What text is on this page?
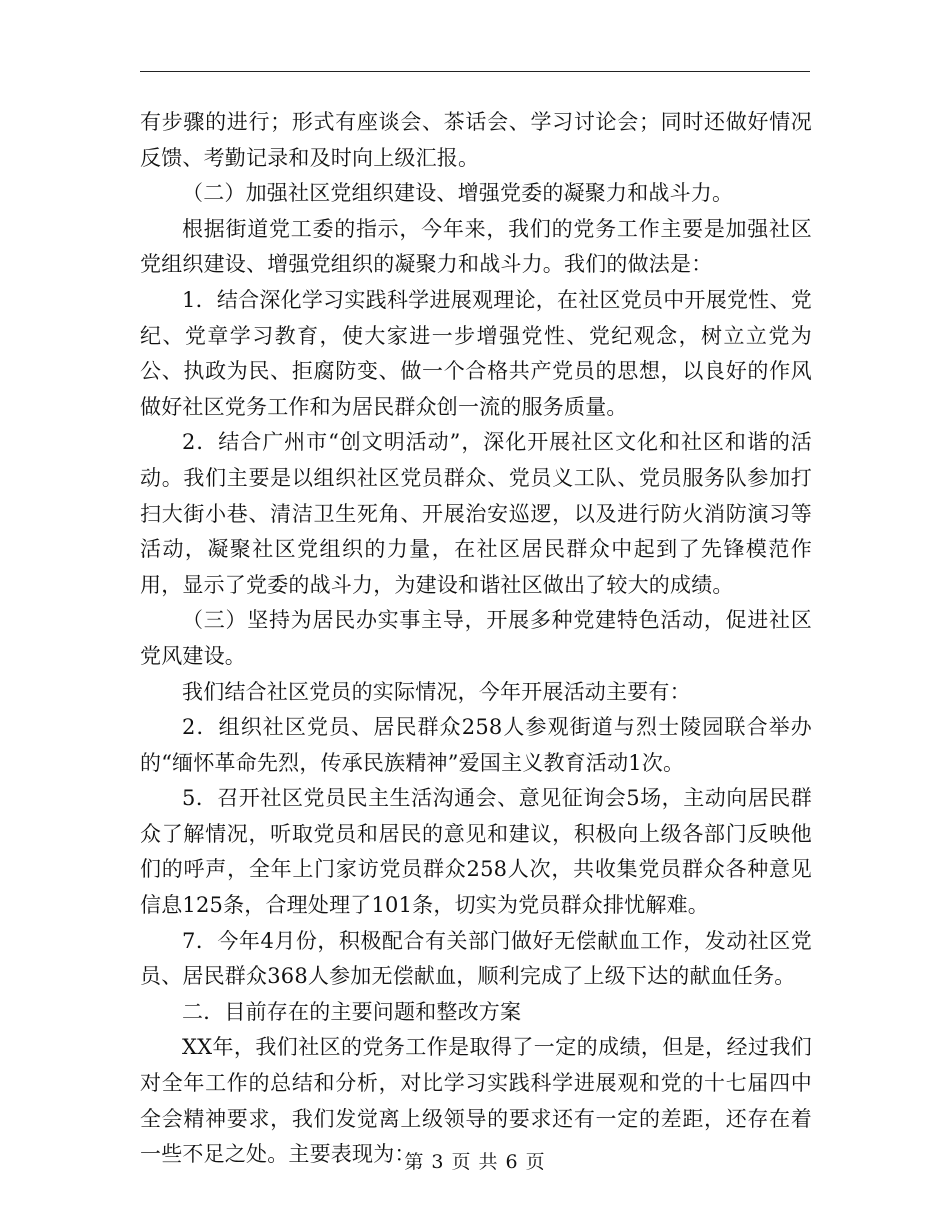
有步骤的进行；形式有座谈会、茶话会、学习讨论会；同时还做好情况反馈、考勤记录和及时向上级汇报。

（二）加强社区党组织建设、增强党委的凝聚力和战斗力。

根据街道党工委的指示，今年来，我们的党务工作主要是加强社区党组织建设、增强党组织的凝聚力和战斗力。我们的做法是：

1．结合深化学习实践科学进展观理论，在社区党员中开展党性、党纪、党章学习教育，使大家进一步增强党性、党纪观念，树立立党为公、执政为民、拒腐防变、做一个合格共产党员的思想，以良好的作风做好社区党务工作和为居民群众创一流的服务质量。

2．结合广州市“创文明活动”，深化开展社区文化和社区和谐的活动。我们主要是以组织社区党员群众、党员义工队、党员服务队参加打扫大街小巷、清洁卫生死角、开展治安巡逻，以及进行防火消防演习等活动，凝聚社区党组织的力量，在社区居民群众中起到了先锋模范作用，显示了党委的战斗力，为建设和谐社区做出了较大的成绩。

（三）坚持为居民办实事主导，开展多种党建特色活动，促进社区党风建设。

我们结合社区党员的实际情况，今年开展活动主要有：

2．组织社区党员、居民群众258人参观街道与烈士陵园联合举办的“缅怀革命先烈，传承民族精神”爱国主义教育活动1次。

5．召开社区党员民主生活沟通会、意见征询会5场，主动向居民群众了解情况，听取党员和居民的意见和建议，积极向上级各部门反映他们的呼声，全年上门家访党员群众258人次，共收集党员群众各种意见信息125条，合理处理了101条，切实为党员群众排忧解难。

7．今年4月份，积极配合有关部门做好无偿献血工作，发动社区党员、居民群众368人参加无偿献血，顺利完成了上级下达的献血任务。

二．目前存在的主要问题和整改方案

XX年，我们社区的党务工作是取得了一定的成绩，但是，经过我们对全年工作的总结和分析，对比学习实践科学进展观和党的十七届四中全会精神要求，我们发觉离上级领导的要求还有一定的差距，还存在着一些不足之处。主要表现为：

第 3 页 共 6 页
